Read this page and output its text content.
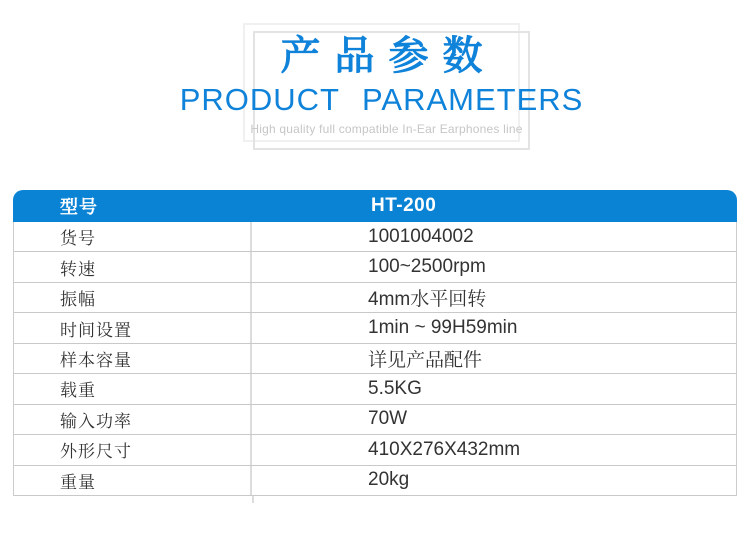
产品参数
PRODUCT PARAMETERS
High quality full compatible In-Ear Earphones line
型号	HT-200
货号	1001004002
转速	100~2500rpm
振幅	4mm水平回转
时间设置	1min ~ 99H59min
样本容量	详见产品配件
载重	5.5KG
输入功率	70W
外形尺寸	410X276X432mm
重量	20kg
